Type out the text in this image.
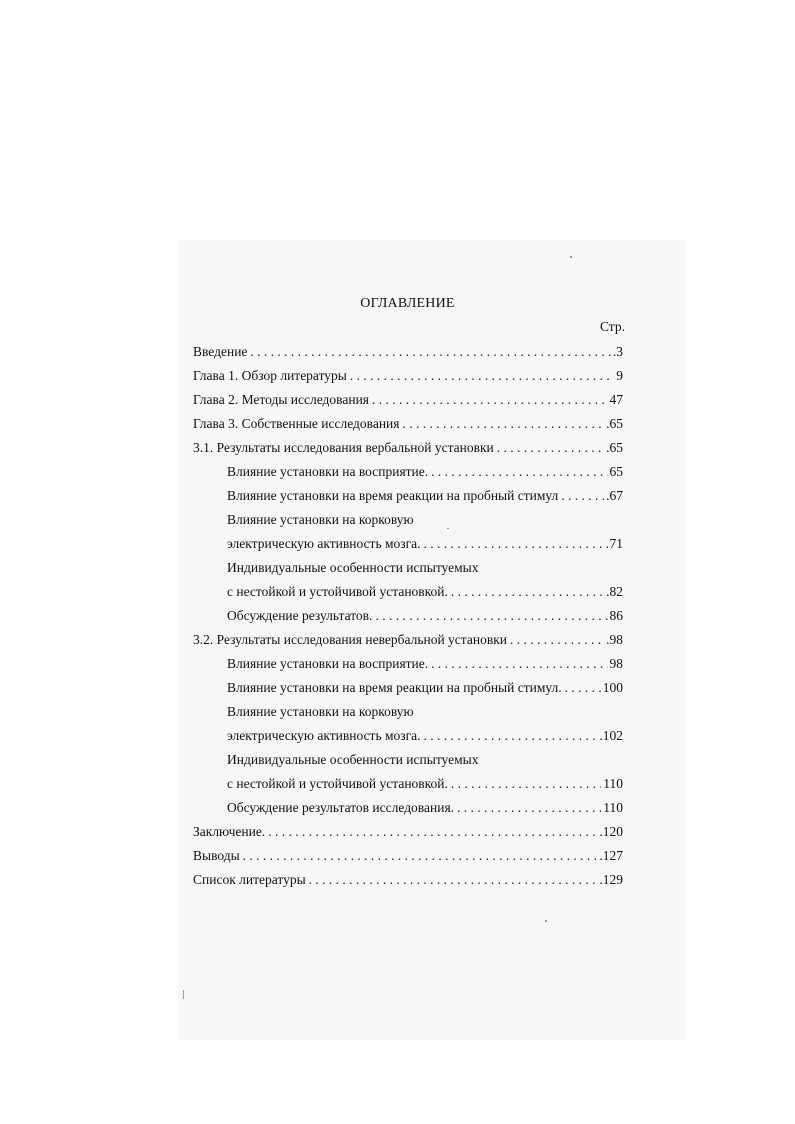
ОГЛАВЛЕНИЕ
Стр.
Введение . . .	.3
Глава 1. Обзор литературы . . .	9
Глава 2. Методы исследования . . .	47
Глава 3. Собственные исследования . . .	.65
3.1. Результаты исследования вербальной установки . . .	.65
Влияние установки на восприятие. . . .	65
Влияние установки на время реакции на пробный стимул . . .	.67
Влияние установки на корковую
электрическую активность мозга. . . .	71
Индивидуальные особенности испытуемых
с нестойкой и устойчивой установкой. . . .	.82
Обсуждение результатов. . . .	86
3.2. Результаты исследования невербальной установки . . .	.98
Влияние установки на восприятие. . . .	98
Влияние установки на время реакции на пробный стимул. . . .	100
Влияние установки на корковую
электрическую активность мозга. . . .	.102
Индивидуальные особенности испытуемых
с нестойкой и устойчивой установкой. . . .	110
Обсуждение результатов исследования. . . .	110
Заключение. . . .	.120
Выводы . . .	.127
Список литературы . . .	.129
